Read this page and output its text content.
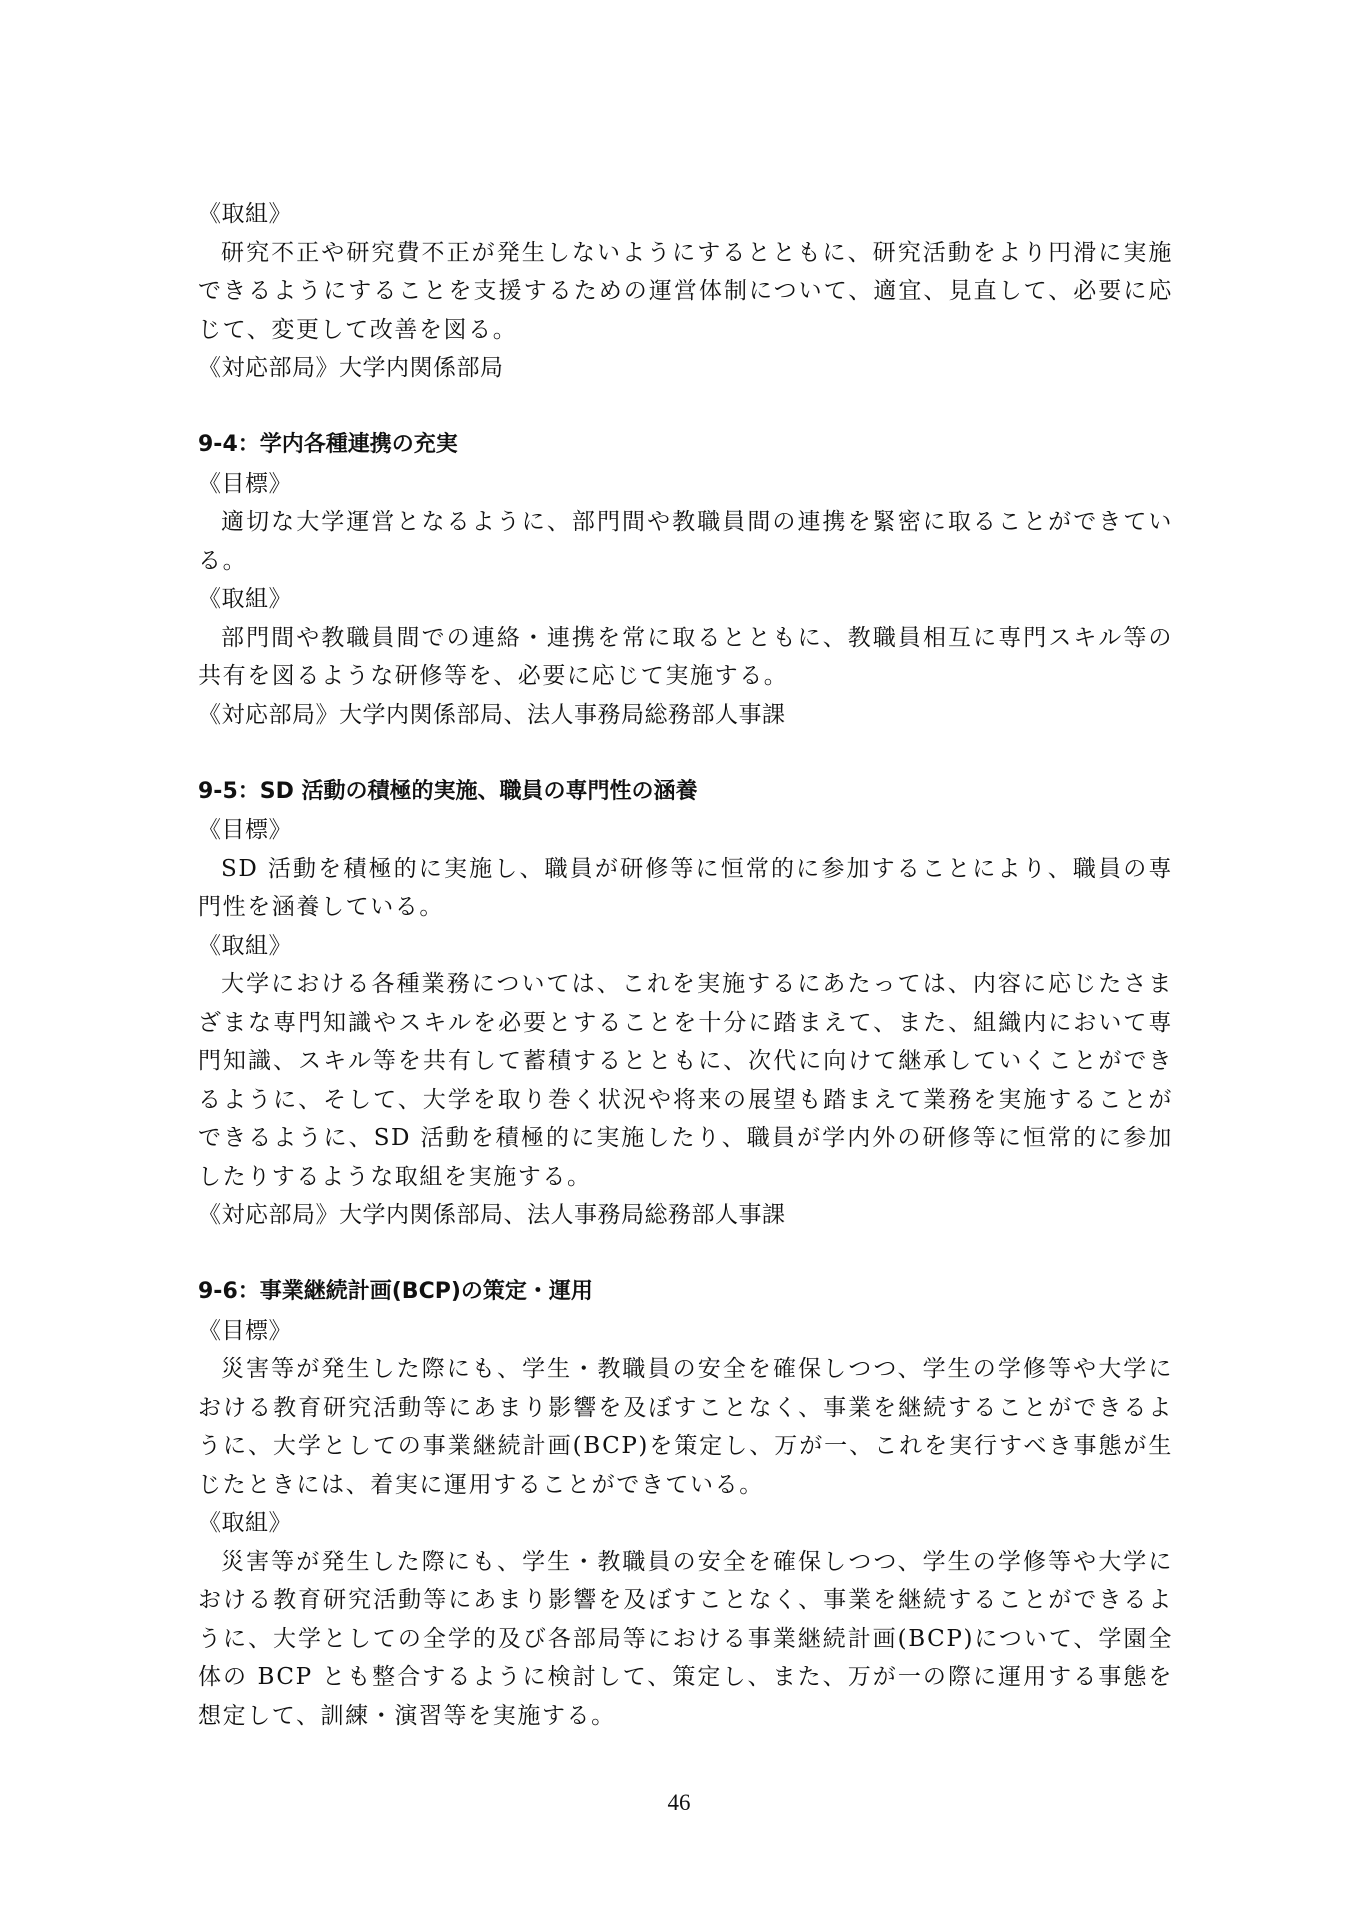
《取組》
研究不正や研究費不正が発生しないようにするとともに、研究活動をより円滑に実施できるようにすることを支援するための運営体制について、適宜、見直して、必要に応じて、変更して改善を図る。
《対応部局》大学内関係部局
9-4：学内各種連携の充実
《目標》
適切な大学運営となるように、部門間や教職員間の連携を緊密に取ることができている。
《取組》
部門間や教職員間での連絡・連携を常に取るとともに、教職員相互に専門スキル等の共有を図るような研修等を、必要に応じて実施する。
《対応部局》大学内関係部局、法人事務局総務部人事課
9-5：SD 活動の積極的実施、職員の専門性の涵養
《目標》
SD 活動を積極的に実施し、職員が研修等に恒常的に参加することにより、職員の専門性を涵養している。
《取組》
大学における各種業務については、これを実施するにあたっては、内容に応じたさまざまな専門知識やスキルを必要とすることを十分に踏まえて、また、組織内において専門知識、スキル等を共有して蓄積するとともに、次代に向けて継承していくことができるように、そして、大学を取り巻く状況や将来の展望も踏まえて業務を実施することができるように、SD 活動を積極的に実施したり、職員が学内外の研修等に恒常的に参加したりするような取組を実施する。
《対応部局》大学内関係部局、法人事務局総務部人事課
9-6：事業継続計画(BCP)の策定・運用
《目標》
災害等が発生した際にも、学生・教職員の安全を確保しつつ、学生の学修等や大学における教育研究活動等にあまり影響を及ぼすことなく、事業を継続することができるように、大学としての事業継続計画(BCP)を策定し、万が一、これを実行すべき事態が生じたときには、着実に運用することができている。
《取組》
災害等が発生した際にも、学生・教職員の安全を確保しつつ、学生の学修等や大学における教育研究活動等にあまり影響を及ぼすことなく、事業を継続することができるように、大学としての全学的及び各部局等における事業継続計画(BCP)について、学園全体の BCP とも整合するように検討して、策定し、また、万が一の際に運用する事態を想定して、訓練・演習等を実施する。
46
